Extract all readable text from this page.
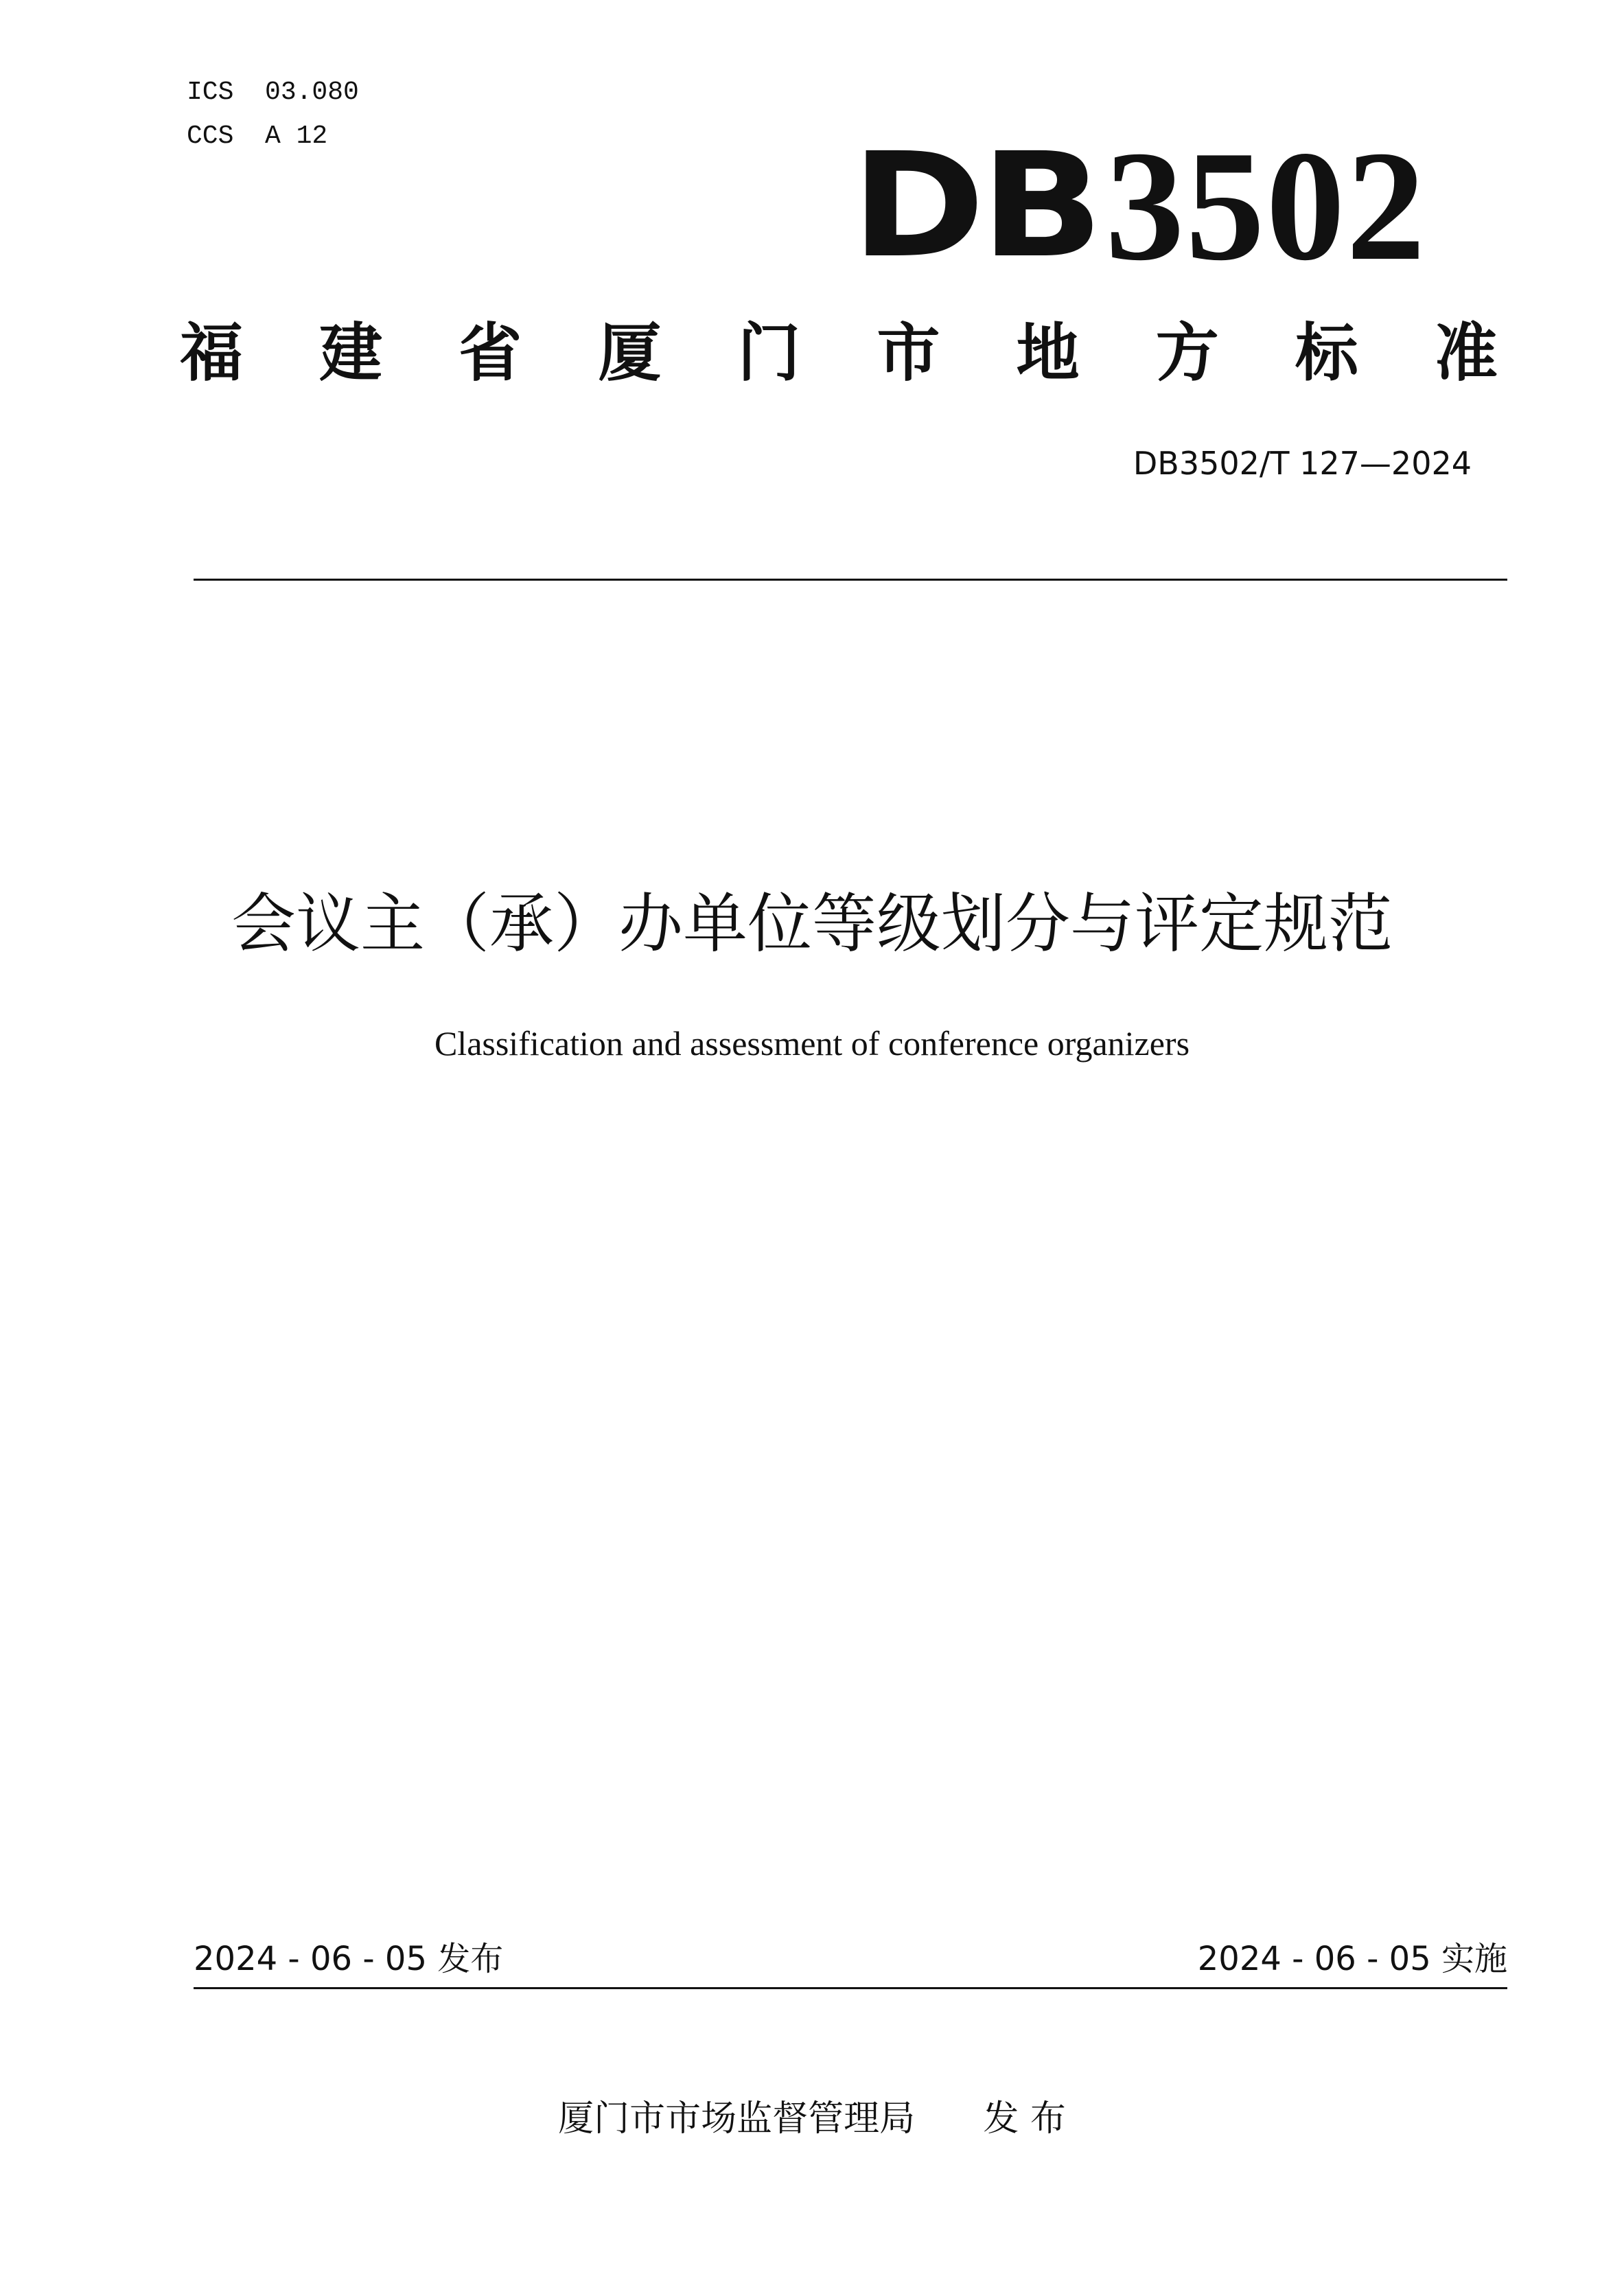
ICS  03.080
CCS  A 12	DB 3502
福 建 省 厦 门 市 地 方 标 准
DB3502/T 127—2024
会议主（承）办单位等级划分与评定规范
Classification and assessment of conference organizers
2024 - 06 - 05 发布	2024 - 06 - 05 实施
厦门市市场监督管理局 发 布
